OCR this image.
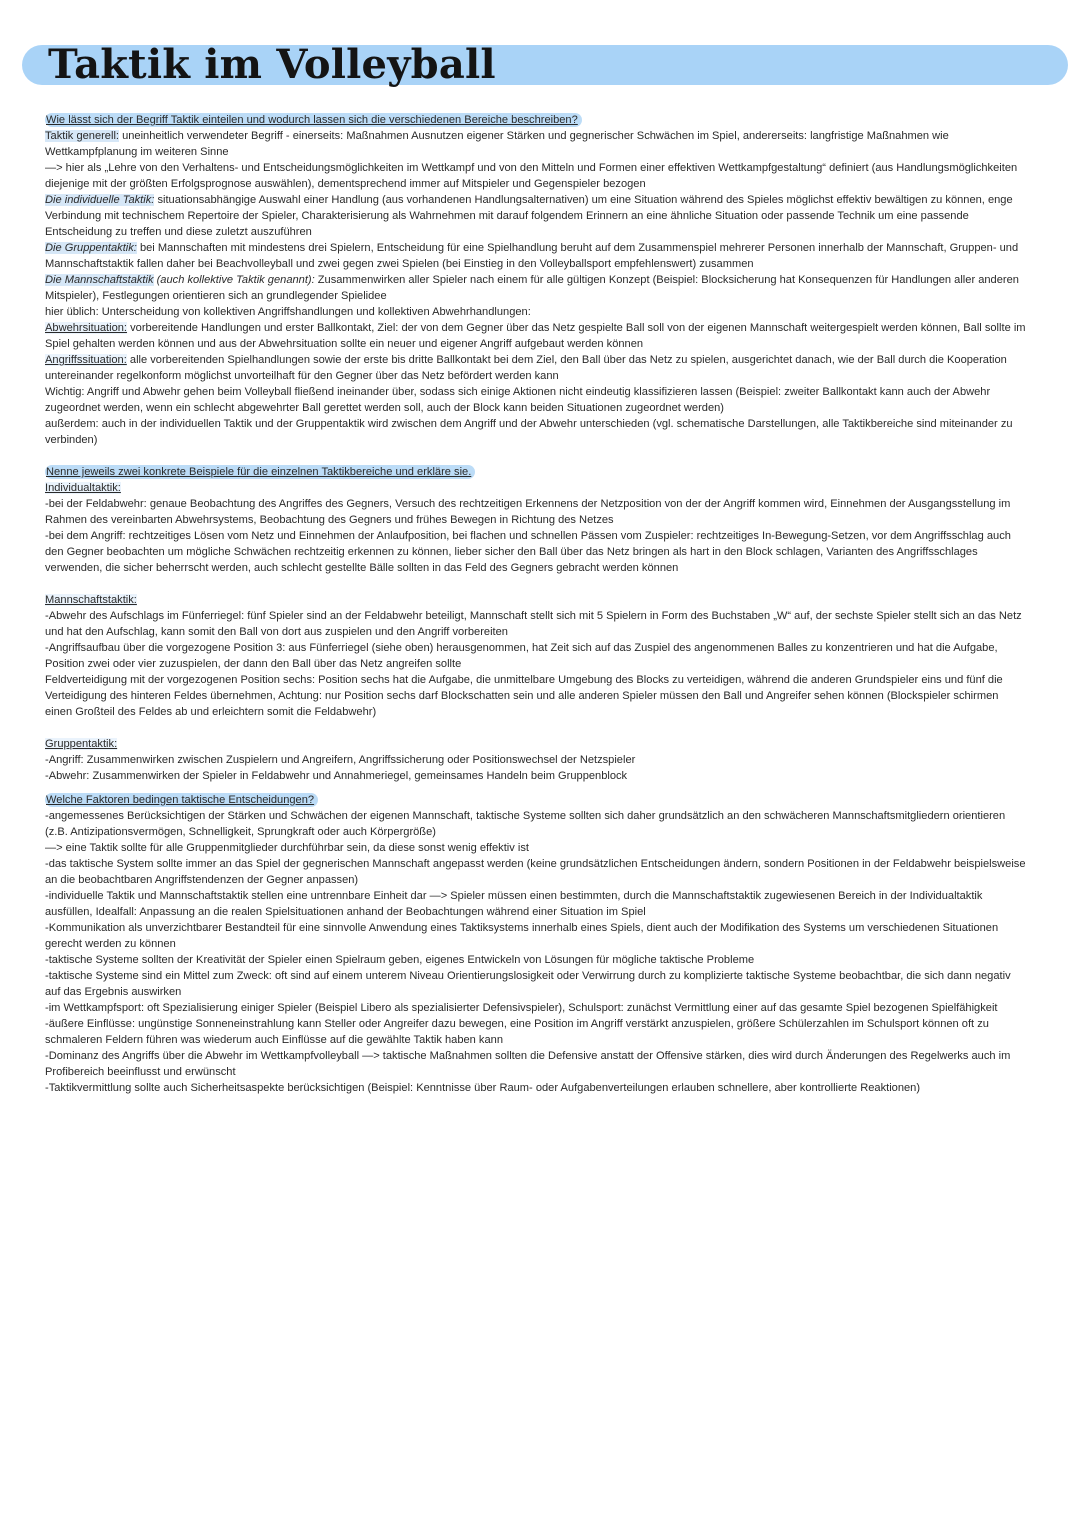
Taktik im Volleyball

Wie lässt sich der Begriff Taktik einteilen und wodurch lassen sich die verschiedenen Bereiche beschreiben?

Taktik generell: uneinheitlich verwendeter Begriff - einerseits: Maßnahmen Ausnutzen eigener Stärken und gegnerischer Schwächen im Spiel, andererseits: langfristige Maßnahmen wie Wettkampfplanung im weiteren Sinne

—> hier als „Lehre von den Verhaltens- und Entscheidungsmöglichkeiten im Wettkampf und von den Mitteln und Formen einer effektiven Wettkampfgestaltung“ definiert (aus Handlungsmöglichkeiten diejenige mit der größten Erfolgsprognose auswählen), dementsprechend immer auf Mitspieler und Gegenspieler bezogen

Die individuelle Taktik: situationsabhängige Auswahl einer Handlung (aus vorhandenen Handlungsalternativen) um eine Situation während des Spieles möglichst effektiv bewältigen zu können, enge Verbindung mit technischem Repertoire der Spieler, Charakterisierung als Wahrnehmen mit darauf folgendem Erinnern an eine ähnliche Situation oder passende Technik um eine passende Entscheidung zu treffen und diese zuletzt auszuführen

Die Gruppentaktik: bei Mannschaften mit mindestens drei Spielern, Entscheidung für eine Spielhandlung beruht auf dem Zusammenspiel mehrerer Personen innerhalb der Mannschaft, Gruppen- und Mannschaftstaktik fallen daher bei Beachvolleyball und zwei gegen zwei Spielen (bei Einstieg in den Volleyballsport empfehlenswert) zusammen

Die Mannschaftstaktik (auch kollektive Taktik genannt): Zusammenwirken aller Spieler nach einem für alle gültigen Konzept (Beispiel: Blocksicherung hat Konsequenzen für Handlungen aller anderen Mitspieler), Festlegungen orientieren sich an grundlegender Spielidee

hier üblich: Unterscheidung von kollektiven Angriffshandlungen und kollektiven Abwehrhandlungen:

Abwehrsituation: vorbereitende Handlungen und erster Ballkontakt, Ziel: der von dem Gegner über das Netz gespielte Ball soll von der eigenen Mannschaft weitergespielt werden können, Ball sollte im Spiel gehalten werden können und aus der Abwehrsituation sollte ein neuer und eigener Angriff aufgebaut werden können

Angriffssituation: alle vorbereitenden Spielhandlungen sowie der erste bis dritte Ballkontakt bei dem Ziel, den Ball über das Netz zu spielen, ausgerichtet danach, wie der Ball durch die Kooperation untereinander regelkonform möglichst unvorteilhaft für den Gegner über das Netz befördert werden kann

Wichtig: Angriff und Abwehr gehen beim Volleyball fließend ineinander über, sodass sich einige Aktionen nicht eindeutig klassifizieren lassen (Beispiel: zweiter Ballkontakt kann auch der Abwehr zugeordnet werden, wenn ein schlecht abgewehrter Ball gerettet werden soll, auch der Block kann beiden Situationen zugeordnet werden)

außerdem: auch in der individuellen Taktik und der Gruppentaktik wird zwischen dem Angriff und der Abwehr unterschieden (vgl. schematische Darstellungen, alle Taktikbereiche sind miteinander zu verbinden)

Nenne jeweils zwei konkrete Beispiele für die einzelnen Taktikbereiche und erkläre sie.

Individualtaktik:

-bei der Feldabwehr: genaue Beobachtung des Angriffes des Gegners, Versuch des rechtzeitigen Erkennens der Netzposition von der der Angriff kommen wird, Einnehmen der Ausgangsstellung im Rahmen des vereinbarten Abwehrsystems, Beobachtung des Gegners und frühes Bewegen in Richtung des Netzes

-bei dem Angriff: rechtzeitiges Lösen vom Netz und Einnehmen der Anlaufposition, bei flachen und schnellen Pässen vom Zuspieler: rechtzeitiges In-Bewegung-Setzen, vor dem Angriffsschlag auch den Gegner beobachten um mögliche Schwächen rechtzeitig erkennen zu können, lieber sicher den Ball über das Netz bringen als hart in den Block schlagen, Varianten des Angriffsschlages verwenden, die sicher beherrscht werden, auch schlecht gestellte Bälle sollten in das Feld des Gegners gebracht werden können

Mannschaftstaktik:

-Abwehr des Aufschlags im Fünferriegel: fünf Spieler sind an der Feldabwehr beteiligt, Mannschaft stellt sich mit 5 Spielern in Form des Buchstaben „W“ auf, der sechste Spieler stellt sich an das Netz und hat den Aufschlag, kann somit den Ball von dort aus zuspielen und den Angriff vorbereiten

-Angriffsaufbau über die vorgezogene Position 3: aus Fünferriegel (siehe oben) herausgenommen, hat Zeit sich auf das Zuspiel des angenommenen Balles zu konzentrieren und hat die Aufgabe, Position zwei oder vier zuzuspielen, der dann den Ball über das Netz angreifen sollte

Feldverteidigung mit der vorgezogenen Position sechs: Position sechs hat die Aufgabe, die unmittelbare Umgebung des Blocks zu verteidigen, während die anderen Grundspieler eins und fünf die Verteidigung des hinteren Feldes übernehmen, Achtung: nur Position sechs darf Blockschatten sein und alle anderen Spieler müssen den Ball und Angreifer sehen können (Blockspieler schirmen einen Großteil des Feldes ab und erleichtern somit die Feldabwehr)

Gruppentaktik:

-Angriff: Zusammenwirken zwischen Zuspielern und Angreifern, Angriffssicherung oder Positionswechsel der Netzspieler

-Abwehr: Zusammenwirken der Spieler in Feldabwehr und Annahmeriegel, gemeinsames Handeln beim Gruppenblock

Welche Faktoren bedingen taktische Entscheidungen?

-angemessenes Berücksichtigen der Stärken und Schwächen der eigenen Mannschaft, taktische Systeme sollten sich daher grundsätzlich an den schwächeren Mannschaftsmitgliedern orientieren (z.B. Antizipationsvermögen, Schnelligkeit, Sprungkraft oder auch Körpergröße)

—> eine Taktik sollte für alle Gruppenmitglieder durchführbar sein, da diese sonst wenig effektiv ist

-das taktische System sollte immer an das Spiel der gegnerischen Mannschaft angepasst werden (keine grundsätzlichen Entscheidungen ändern, sondern Positionen in der Feldabwehr beispielsweise an die beobachtbaren Angriffstendenzen der Gegner anpassen)

-individuelle Taktik und Mannschaftstaktik stellen eine untrennbare Einheit dar —> Spieler müssen einen bestimmten, durch die Mannschaftstaktik zugewiesenen Bereich in der Individualtaktik ausfüllen, Idealfall: Anpassung an die realen Spielsituationen anhand der Beobachtungen während einer Situation im Spiel

-Kommunikation als unverzichtbarer Bestandteil für eine sinnvolle Anwendung eines Taktiksystems innerhalb eines Spiels, dient auch der Modifikation des Systems um verschiedenen Situationen gerecht werden zu können

-taktische Systeme sollten der Kreativität der Spieler einen Spielraum geben, eigenes Entwickeln von Lösungen für mögliche taktische Probleme

-taktische Systeme sind ein Mittel zum Zweck: oft sind auf einem unterem Niveau Orientierungslosigkeit oder Verwirrung durch zu komplizierte taktische Systeme beobachtbar, die sich dann negativ auf das Ergebnis auswirken

-im Wettkampfsport: oft Spezialisierung einiger Spieler (Beispiel Libero als spezialisierter Defensivspieler), Schulsport: zunächst Vermittlung einer auf das gesamte Spiel bezogenen Spielfähigkeit

-äußere Einflüsse: ungünstige Sonneneinstrahlung kann Steller oder Angreifer dazu bewegen, eine Position im Angriff verstärkt anzuspielen, größere Schülerzahlen im Schulsport können oft zu schmaleren Feldern führen was wiederum auch Einflüsse auf die gewählte Taktik haben kann

-Dominanz des Angriffs über die Abwehr im Wettkampfvolleyball —> taktische Maßnahmen sollten die Defensive anstatt der Offensive stärken, dies wird durch Änderungen des Regelwerks auch im Profibereich beeinflusst und erwünscht

-Taktikvermittlung sollte auch Sicherheitsaspekte berücksichtigen (Beispiel: Kenntnisse über Raum- oder Aufgabenverteilungen erlauben schnellere, aber kontrollierte Reaktionen)
